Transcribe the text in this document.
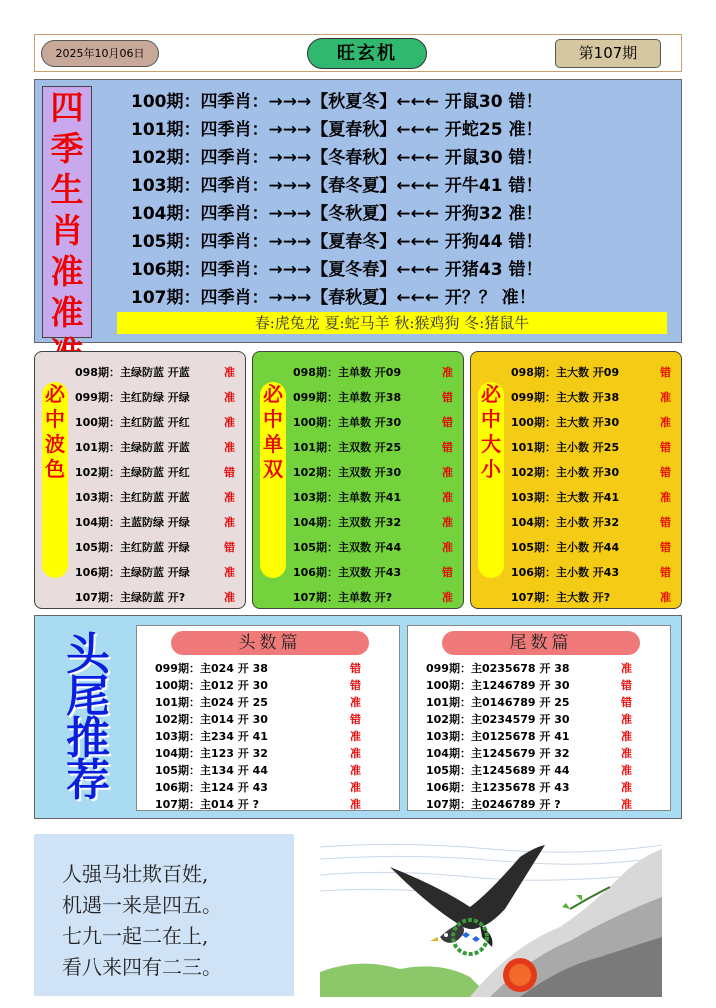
2025年10月06日	旺玄机	第107期
四
季
生
肖
准
准
100期：四季肖：→→→【秋夏冬】←←← 开鼠30 错！
101期：四季肖：→→→【夏春秋】←←← 开蛇25 准！
102期：四季肖：→→→【冬春秋】←←← 开鼠30 错！
103期：四季肖：→→→【春冬夏】←←← 开牛41 错！
104期：四季肖：→→→【冬秋夏】←←← 开狗32 准！
105期：四季肖：→→→【夏春冬】←←← 开狗44 错！
106期：四季肖：→→→【夏冬春】←←← 开猪43 错！
107期：四季肖：→→→【春秋夏】←←← 开？？ 准！
春:虎兔龙 夏:蛇马羊 秋:猴鸡狗 冬:猪鼠牛
必
中
波
色
098期：主绿防蓝 开蓝	准
099期：主红防绿 开绿	准
100期：主红防蓝 开红	准
101期：主绿防蓝 开蓝	准
102期：主绿防蓝 开红	错
103期：主红防蓝 开蓝	准
104期：主蓝防绿 开绿	准
105期：主红防蓝 开绿	错
106期：主绿防蓝 开绿	准
107期：主绿防蓝 开?	准
必
中
单
双
098期：主单数 开09	准
099期：主单数 开38	错
100期：主单数 开30	错
101期：主双数 开25	错
102期：主双数 开30	准
103期：主单数 开41	准
104期：主双数 开32	准
105期：主双数 开44	准
106期：主双数 开43	错
107期：主单数 开?	准
必
中
大
小
098期：主大数 开09	错
099期：主大数 开38	准
100期：主大数 开30	准
101期：主小数 开25	错
102期：主小数 开30	错
103期：主大数 开41	准
104期：主小数 开32	错
105期：主小数 开44	错
106期：主小数 开43	错
107期：主大数 开?	准
头
尾
推
荐
头数篇
099期：主024 开 38	错
100期：主012 开 30	错
101期：主024 开 25	准
102期：主014 开 30	错
103期：主234 开 41	准
104期：主123 开 32	准
105期：主134 开 44	准
106期：主124 开 43	准
107期：主014 开 ?	准
尾数篇
099期：主0235678 开 38	准
100期：主1246789 开 30	错
101期：主0146789 开 25	错
102期：主0234579 开 30	准
103期：主0125678 开 41	准
104期：主1245679 开 32	准
105期：主1245689 开 44	准
106期：主1235678 开 43	准
107期：主0246789 开 ?	准
人强马壮欺百姓,
机遇一来是四五。
七九一起二在上,
看八来四有二三。
